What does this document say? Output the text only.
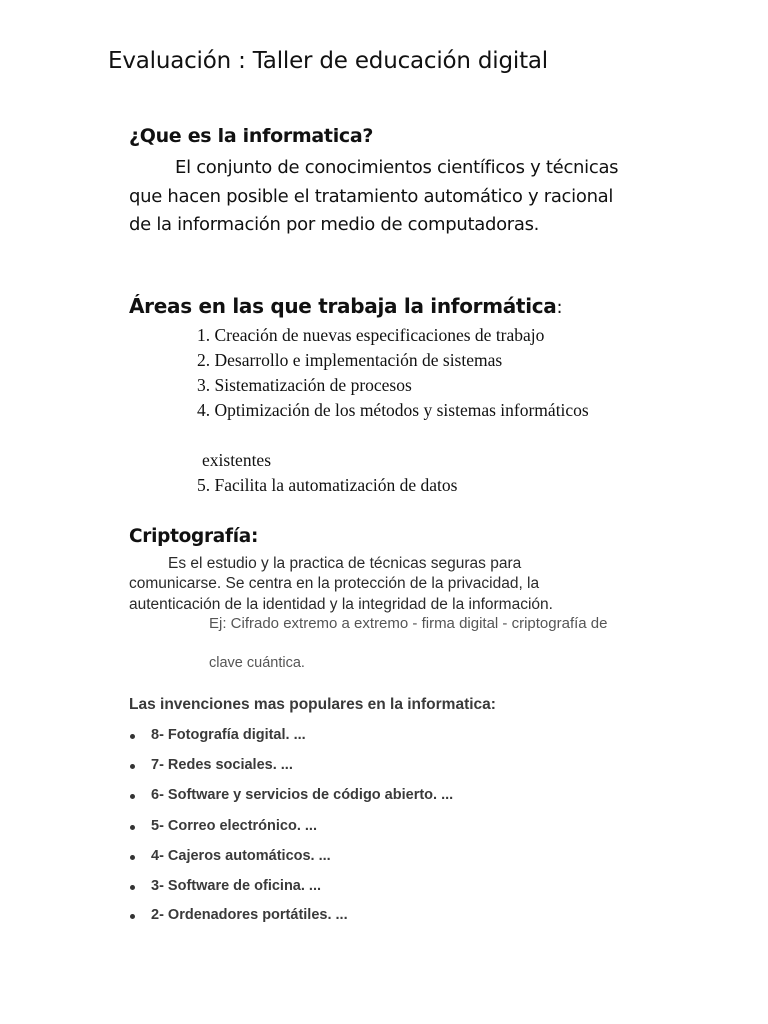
Evaluación : Taller de educación digital
¿Que es la informatica?
El conjunto de conocimientos científicos y técnicas
que hacen posible el tratamiento automático y racional
de la información por medio de computadoras.
Áreas en las que trabaja la informática:
1. Creación de nuevas especificaciones de trabajo
2. Desarrollo e implementación de sistemas
3. Sistematización de procesos
4. Optimización de los métodos y sistemas informáticos
existentes
5. Facilita la automatización de datos
Criptografía:
Es el estudio y la practica de técnicas seguras para
comunicarse. Se centra en la protección de la privacidad, la
autenticación de la identidad y la integridad de la información.
Ej: Cifrado extremo a extremo - firma digital - criptografía de
clave cuántica.
Las invenciones mas populares en la informatica:
8- Fotografía digital. ...
7- Redes sociales. ...
6- Software y servicios de código abierto. ...
5- Correo electrónico. ...
4- Cajeros automáticos. ...
3- Software de oficina. ...
2- Ordenadores portátiles. ...
